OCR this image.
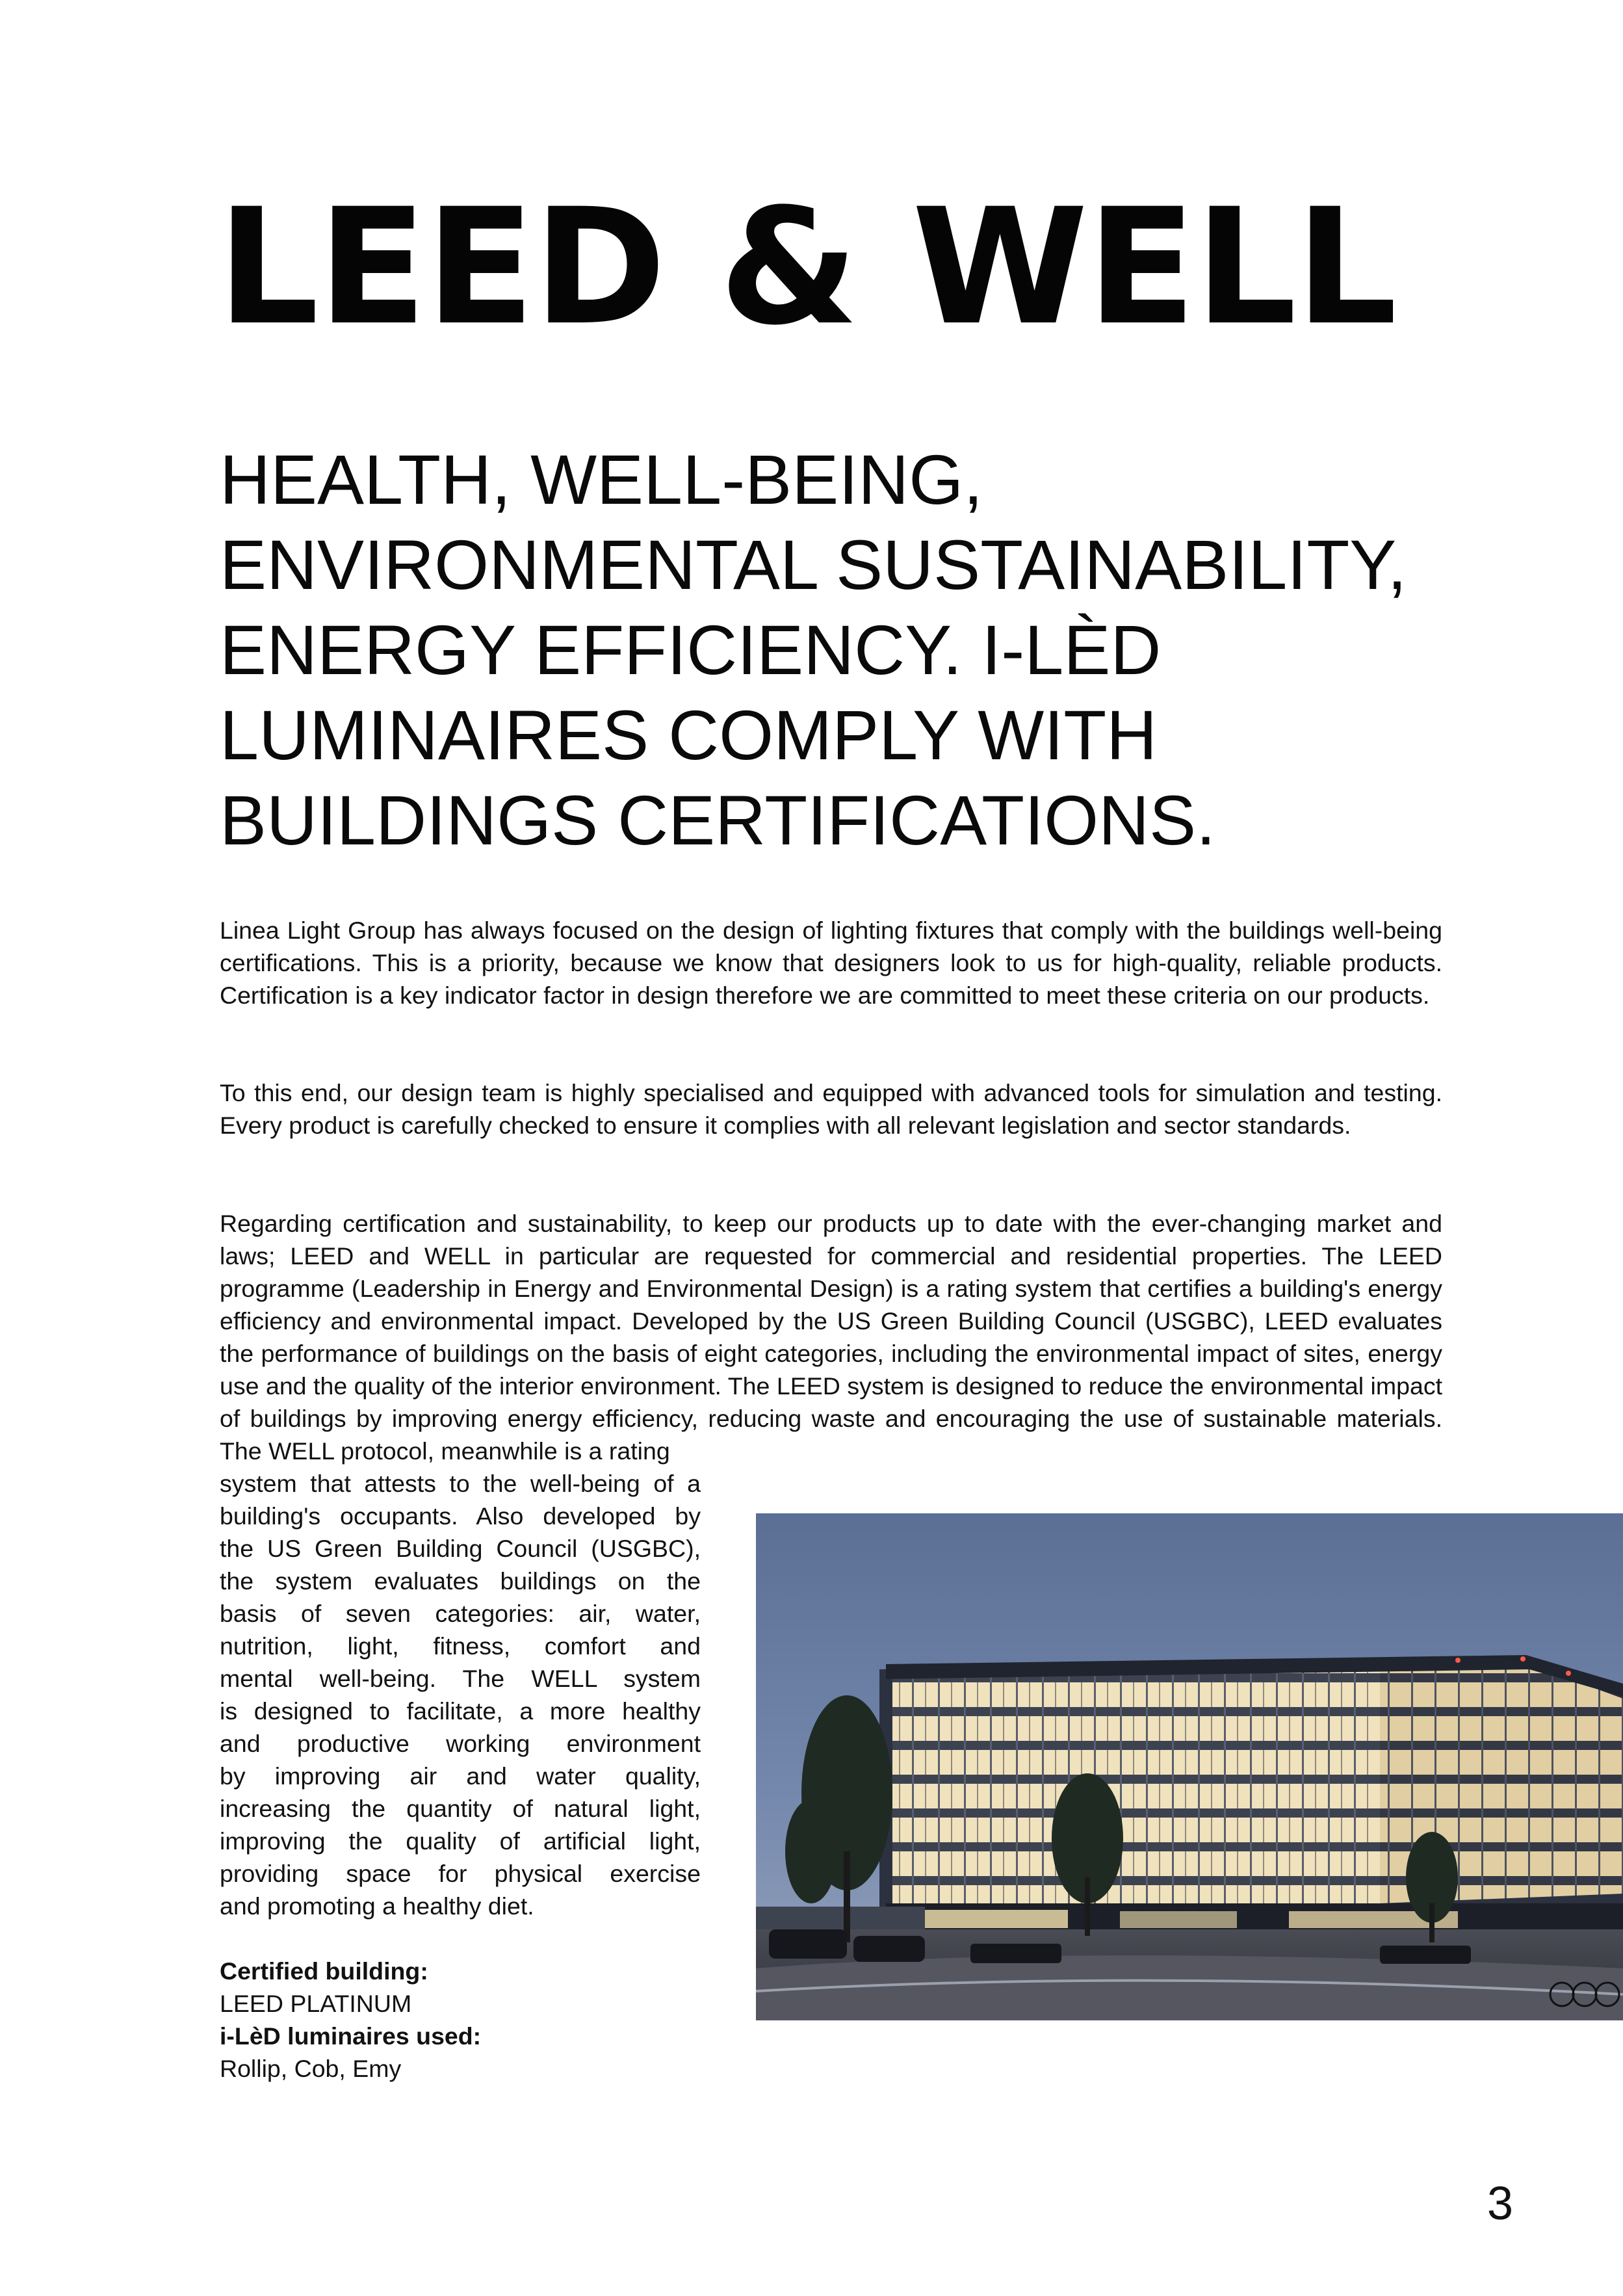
LEED & WELL
HEALTH, WELL-BEING,
ENVIRONMENTAL SUSTAINABILITY,
ENERGY EFFICIENCY. I-LÈD
LUMINAIRES COMPLY WITH
BUILDINGS CERTIFICATIONS.

Linea Light Group has always focused on the design of lighting fixtures that comply with the buildings well-being certifications. This is a priority, because we know that designers look to us for high-quality, reliable products. Certification is a key indicator factor in design therefore we are committed to meet these criteria on our products.

To this end, our design team is highly specialised and equipped with advanced tools for simulation and testing. Every product is carefully checked to ensure it complies with all relevant legislation and sector standards.

Regarding certification and sustainability, to keep our products up to date with the ever-changing market and laws; LEED and WELL in particular are requested for commercial and residential properties. The LEED programme (Leadership in Energy and Environmental Design) is a rating system that certifies a building's energy efficiency and environmental impact. Developed by the US Green Building Council (USGBC), LEED evaluates the performance of buildings on the basis of eight categories, including the environmental impact of sites, energy use and the quality of the interior environment. The LEED system is designed to reduce the environmental impact of buildings by improving energy efficiency, reducing waste and encouraging the use of sustainable materials. The WELL protocol, meanwhile is a rating

system that attests to the well-being of a
building's occupants. Also developed by
the US Green Building Council (USGBC),
the system evaluates buildings on the
basis of seven categories: air, water,
nutrition, light, fitness, comfort and
mental well-being. The WELL system
is designed to facilitate, a more healthy
and productive working environment
by improving air and water quality,
increasing the quantity of natural light,
improving the quality of artificial light,
providing space for physical exercise
and promoting a healthy diet.
Certified building:
LEED PLATINUM
i-LèD luminaires used:
Rollip, Cob, Emy
3
